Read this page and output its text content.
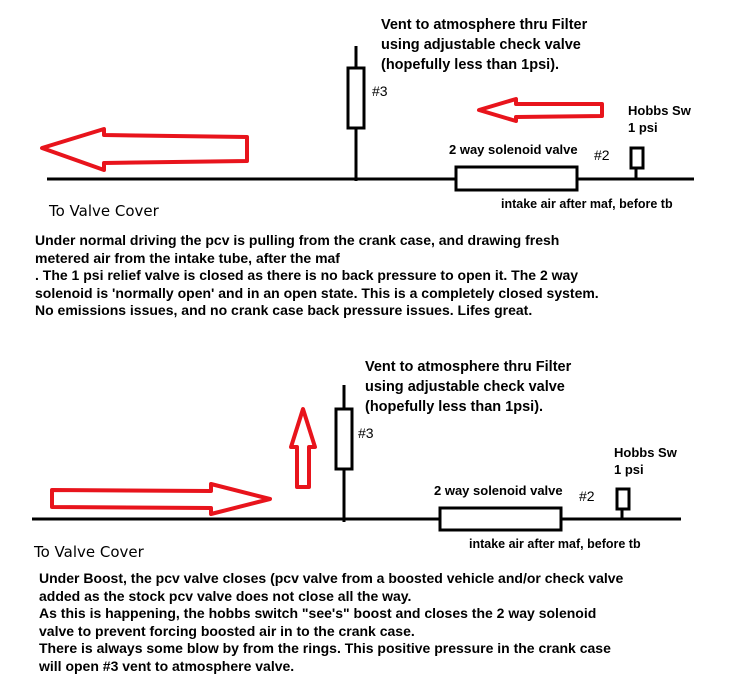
Vent to atmosphere thru Filter
using adjustable check valve
(hopefully less than 1psi).
#3
Hobbs Sw
1 psi
2 way solenoid valve #2
intake air after maf, before tb
To Valve Cover

Under normal driving the pcv is pulling from the crank case, and drawing fresh

metered air from the intake tube, after the maf

. The 1 psi relief valve is closed as there is no back pressure to open it. The 2 way

solenoid is 'normally open' and in an open state. This is a completely closed system.

No emissions issues, and no crank case back pressure issues. Lifes great.

Vent to atmosphere thru Filter
using adjustable check valve
(hopefully less than 1psi).
#3
Hobbs Sw
1 psi
2 way solenoid valve #2
intake air after maf, before tb
To Valve Cover

Under Boost, the pcv valve closes (pcv valve from a boosted vehicle and/or check valve

added as the stock pcv valve does not close all the way.

As this is happening, the hobbs switch "see's" boost and closes the 2 way solenoid

valve to prevent forcing boosted air in to the crank case.

There is always some blow by from the rings. This positive pressure in the crank case

will open #3 vent to atmosphere valve.
